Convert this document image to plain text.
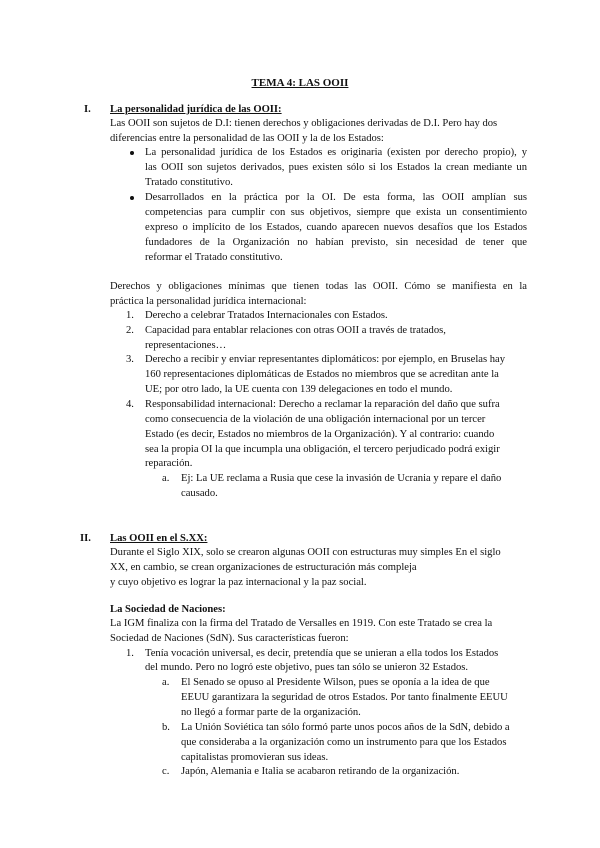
TEMA 4: LAS OOII
I. La personalidad jurídica de las OOII:
Las OOII son sujetos de D.I: tienen derechos y obligaciones derivadas de D.I. Pero hay dos
diferencias entre la personalidad de las OOII y la de los Estados:
La personalidad jurídica de los Estados es originaria (existen por derecho propio), y
las OOII son sujetos derivados, pues existen sólo si los Estados la crean mediante un
Tratado constitutivo.
Desarrollados en la práctica por la OI. De esta forma, las OOII amplían sus
competencias para cumplir con sus objetivos, siempre que exista un consentimiento
expreso o implícito de los Estados, cuando aparecen nuevos desafíos que los Estados
fundadores de la Organización no habían previsto, sin necesidad de tener que
reformar el Tratado constitutivo.
Derechos y obligaciones mínimas que tienen todas las OOII. Cómo se manifiesta en la
práctica la personalidad jurídica internacional:
1. Derecho a celebrar Tratados Internacionales con Estados.
2. Capacidad para entablar relaciones con otras OOII a través de tratados,
representaciones…
3. Derecho a recibir y enviar representantes diplomáticos: por ejemplo, en Bruselas hay
160 representaciones diplomáticas de Estados no miembros que se acreditan ante la
UE; por otro lado, la UE cuenta con 139 delegaciones en todo el mundo.
4. Responsabilidad internacional: Derecho a reclamar la reparación del daño que sufra
como consecuencia de la violación de una obligación internacional por un tercer
Estado (es decir, Estados no miembros de la Organización). Y al contrario: cuando
sea la propia OI la que incumpla una obligación, el tercero perjudicado podrá exigir
reparación.
a. Ej: La UE reclama a Rusia que cese la invasión de Ucrania y repare el daño
causado.
II. Las OOII en el S.XX:
Durante el Siglo XIX, solo se crearon algunas OOII con estructuras muy simples En el siglo
XX, en cambio, se crean organizaciones de estructuración más compleja
y cuyo objetivo es lograr la paz internacional y la paz social.
La Sociedad de Naciones:
La IGM finaliza con la firma del Tratado de Versalles en 1919. Con este Tratado se crea la
Sociedad de Naciones (SdN). Sus características fueron:
1. Tenía vocación universal, es decir, pretendía que se unieran a ella todos los Estados
del mundo. Pero no logró este objetivo, pues tan sólo se unieron 32 Estados.
a. El Senado se opuso al Presidente Wilson, pues se oponía a la idea de que
EEUU garantizara la seguridad de otros Estados. Por tanto finalmente EEUU
no llegó a formar parte de la organización.
b. La Unión Soviética tan sólo formó parte unos pocos años de la SdN, debido a
que consideraba a la organización como un instrumento para que los Estados
capitalistas promovieran sus ideas.
c. Japón, Alemania e Italia se acabaron retirando de la organización.
